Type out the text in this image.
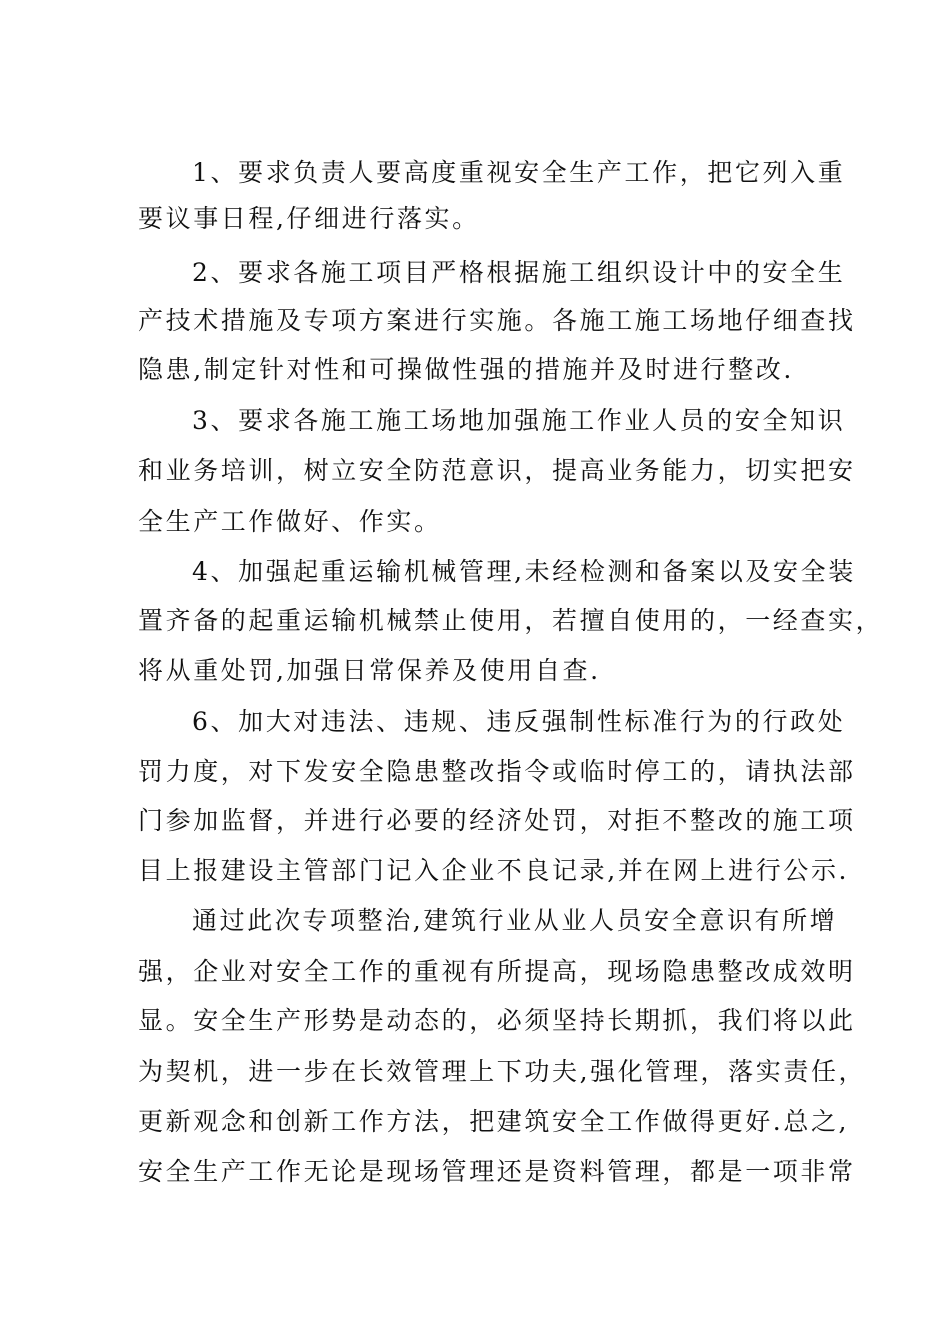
1、要求负责人要高度重视安全生产工作，把它列入重
要议事日程,仔细进行落实。
2、要求各施工项目严格根据施工组织设计中的安全生
产技术措施及专项方案进行实施。各施工施工场地仔细查找
隐患,制定针对性和可操做性强的措施并及时进行整改.
3、要求各施工施工场地加强施工作业人员的安全知识
和业务培训，树立安全防范意识，提高业务能力，切实把安
全生产工作做好、作实。
4、加强起重运输机械管理,未经检测和备案以及安全装
置齐备的起重运输机械禁止使用，若擅自使用的，一经查实，
将从重处罚,加强日常保养及使用自查.
6、加大对违法、违规、违反强制性标准行为的行政处
罚力度，对下发安全隐患整改指令或临时停工的，请执法部
门参加监督，并进行必要的经济处罚，对拒不整改的施工项
目上报建设主管部门记入企业不良记录,并在网上进行公示.
通过此次专项整治,建筑行业从业人员安全意识有所增
强，企业对安全工作的重视有所提高，现场隐患整改成效明
显。安全生产形势是动态的，必须坚持长期抓，我们将以此
为契机，进一步在长效管理上下功夫,强化管理，落实责任，
更新观念和创新工作方法，把建筑安全工作做得更好.总之,
安全生产工作无论是现场管理还是资料管理，都是一项非常
